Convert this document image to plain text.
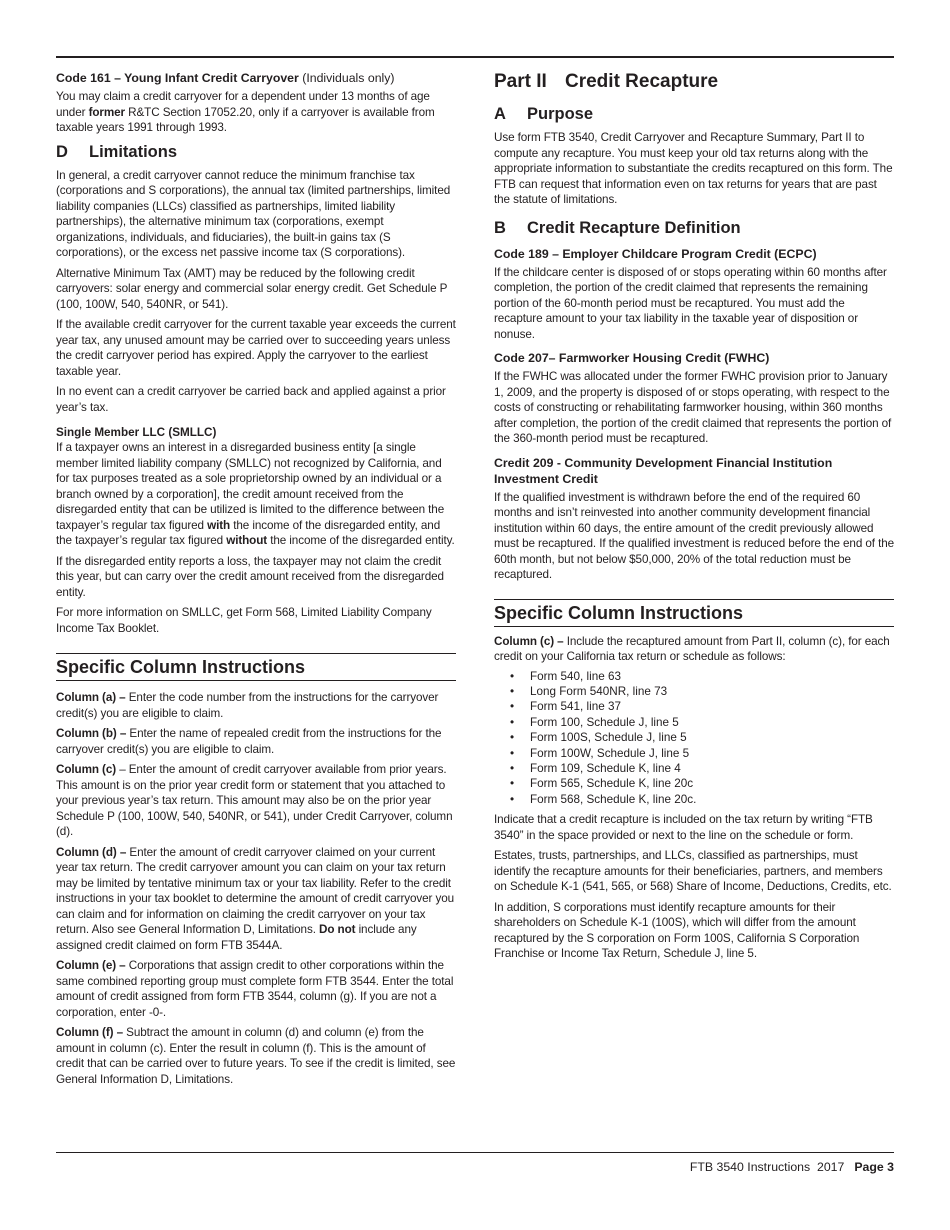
Code 161 – Young Infant Credit Carryover (Individuals only)

You may claim a credit carryover for a dependent under 13 months of age under former R&TC Section 17052.20, only if a carryover is available from taxable years 1991 through 1993.

D Limitations

In general, a credit carryover cannot reduce the minimum franchise tax (corporations and S corporations), the annual tax (limited partnerships, limited liability companies (LLCs) classified as partnerships, limited liability partnerships), the alternative minimum tax (corporations, exempt organizations, individuals, and fiduciaries), the built-in gains tax (S corporations), or the excess net passive income tax (S corporations).

Alternative Minimum Tax (AMT) may be reduced by the following credit carryovers: solar energy and commercial solar energy credit. Get Schedule P (100, 100W, 540, 540NR, or 541).

If the available credit carryover for the current taxable year exceeds the current year tax, any unused amount may be carried over to succeeding years unless the credit carryover period has expired. Apply the carryover to the earliest taxable year.

In no event can a credit carryover be carried back and applied against a prior year’s tax.

Single Member LLC (SMLLC)

If a taxpayer owns an interest in a disregarded business entity [a single member limited liability company (SMLLC) not recognized by California, and for tax purposes treated as a sole proprietorship owned by an individual or a branch owned by a corporation], the credit amount received from the disregarded entity that can be utilized is limited to the difference between the taxpayer’s regular tax figured with the income of the disregarded entity, and the taxpayer’s regular tax figured without the income of the disregarded entity.

If the disregarded entity reports a loss, the taxpayer may not claim the credit this year, but can carry over the credit amount received from the disregarded entity.

For more information on SMLLC, get Form 568, Limited Liability Company Income Tax Booklet.

Specific Column Instructions

Column (a) – Enter the code number from the instructions for the carryover credit(s) you are eligible to claim.

Column (b) – Enter the name of repealed credit from the instructions for the carryover credit(s) you are eligible to claim.

Column (c) – Enter the amount of credit carryover available from prior years. This amount is on the prior year credit form or statement that you attached to your previous year’s tax return. This amount may also be on the prior year Schedule P (100, 100W, 540, 540NR, or 541), under Credit Carryover, column (d).

Column (d) – Enter the amount of credit carryover claimed on your current year tax return. The credit carryover amount you can claim on your tax return may be limited by tentative minimum tax or your tax liability. Refer to the credit instructions in your tax booklet to determine the amount of credit carryover you can claim and for information on claiming the credit carryover on your tax return. Also see General Information D, Limitations. Do not include any assigned credit claimed on form FTB 3544A.

Column (e) – Corporations that assign credit to other corporations within the same combined reporting group must complete form FTB 3544. Enter the total amount of credit assigned from form FTB 3544, column (g). If you are not a corporation, enter -0-.

Column (f) – Subtract the amount in column (d) and column (e) from the amount in column (c). Enter the result in column (f). This is the amount of credit that can be carried over to future years. To see if the credit is limited, see General Information D, Limitations.

Part II Credit Recapture
A Purpose

Use form FTB 3540, Credit Carryover and Recapture Summary, Part II to compute any recapture. You must keep your old tax returns along with the appropriate information to substantiate the credits recaptured on this form. The FTB can request that information even on tax returns for years that are past the statute of limitations.

B Credit Recapture Definition
Code 189 – Employer Childcare Program Credit (ECPC)

If the childcare center is disposed of or stops operating within 60 months after completion, the portion of the credit claimed that represents the remaining portion of the 60-month period must be recaptured. You must add the recapture amount to your tax liability in the taxable year of disposition or nonuse.

Code 207– Farmworker Housing Credit (FWHC)

If the FWHC was allocated under the former FWHC provision prior to January 1, 2009, and the property is disposed of or stops operating, with respect to the costs of constructing or rehabilitating farmworker housing, within 360 months after completion, the portion of the credit claimed that represents the portion of the 360-month period must be recaptured.

Credit 209 - Community Development Financial Institution Investment Credit

If the qualified investment is withdrawn before the end of the required 60 months and isn’t reinvested into another community development financial institution within 60 days, the entire amount of the credit previously allowed must be recaptured. If the qualified investment is reduced before the end of the 60th month, but not below $50,000, 20% of the total reduction must be recaptured.

Specific Column Instructions

Column (c) – Include the recaptured amount from Part II, column (c), for each credit on your California tax return or schedule as follows:

• Form 540, line 63
• Long Form 540NR, line 73
• Form 541, line 37
• Form 100, Schedule J, line 5
• Form 100S, Schedule J, line 5
• Form 100W, Schedule J, line 5
• Form 109, Schedule K, line 4
• Form 565, Schedule K, line 20c
• Form 568, Schedule K, line 20c.

Indicate that a credit recapture is included on the tax return by writing “FTB 3540” in the space provided or next to the line on the schedule or form.

Estates, trusts, partnerships, and LLCs, classified as partnerships, must identify the recapture amounts for their beneficiaries, partners, and members on Schedule K-1 (541, 565, or 568) Share of Income, Deductions, Credits, etc.

In addition, S corporations must identify recapture amounts for their shareholders on Schedule K-1 (100S), which will differ from the amount recaptured by the S corporation on Form 100S, California S Corporation Franchise or Income Tax Return, Schedule J, line 5.

FTB 3540 Instructions  2017 Page 3
